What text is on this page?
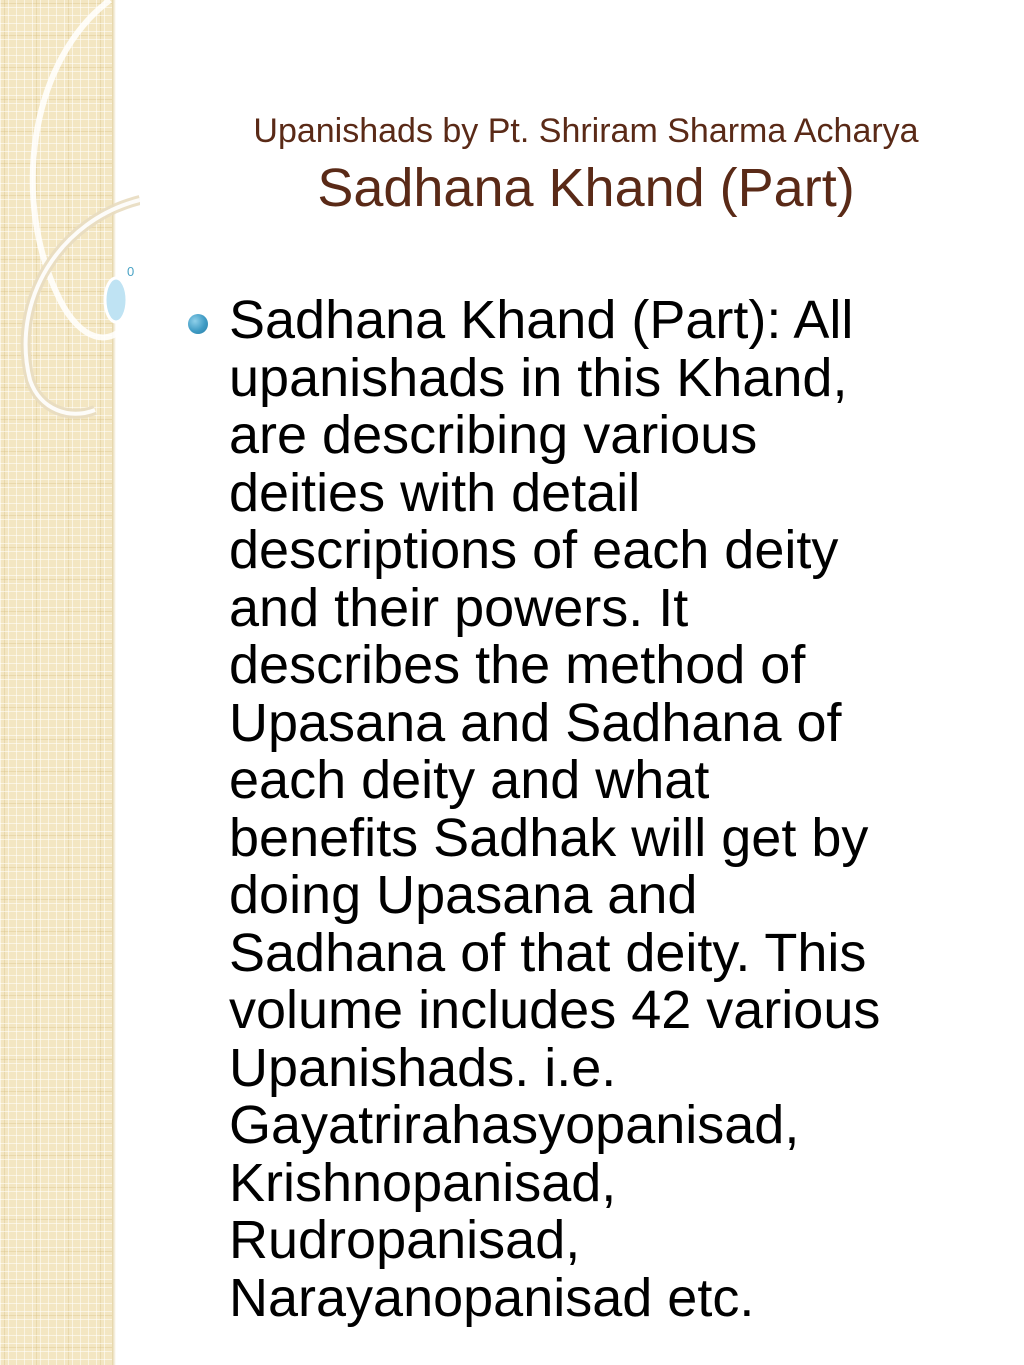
0

Upanishads by Pt. Shriram Sharma Acharya

Sadhana Khand (Part)

Sadhana Khand (Part): All
upanishads in this Khand,
are describing various
deities with detail
descriptions of each deity
and their powers. It
describes the method of
Upasana and Sadhana of
each deity and what
benefits Sadhak will get by
doing Upasana and
Sadhana of that deity. This
volume includes 42 various
Upanishads. i.e.
Gayatrirahasyopanisad,
Krishnopanisad,
Rudropanisad,
Narayanopanisad etc.
